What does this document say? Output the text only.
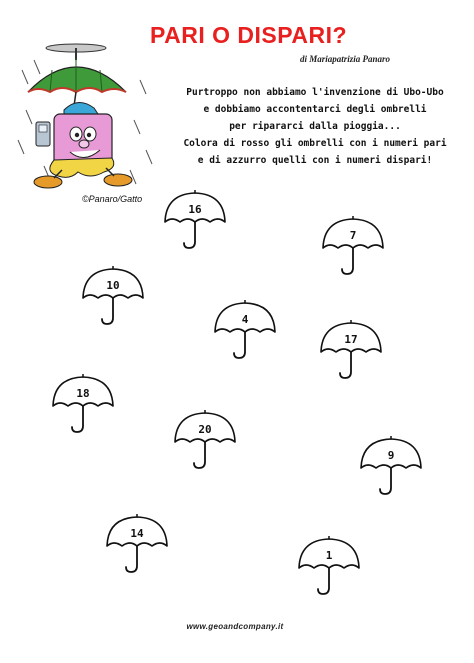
PARI O DISPARI?
di Mariapatrizia Panaro
©Panaro/Gatto
Purtroppo non abbiamo l'invenzione di Ubo-Ubo
e dobbiamo accontentarci degli ombrelli
per ripararci dalla pioggia...
Colora di rosso gli ombrelli con i numeri pari
e di azzurro quelli con i numeri dispari!
16
7
10
4
17
18
20
9
14
1
www.geoandcompany.it
